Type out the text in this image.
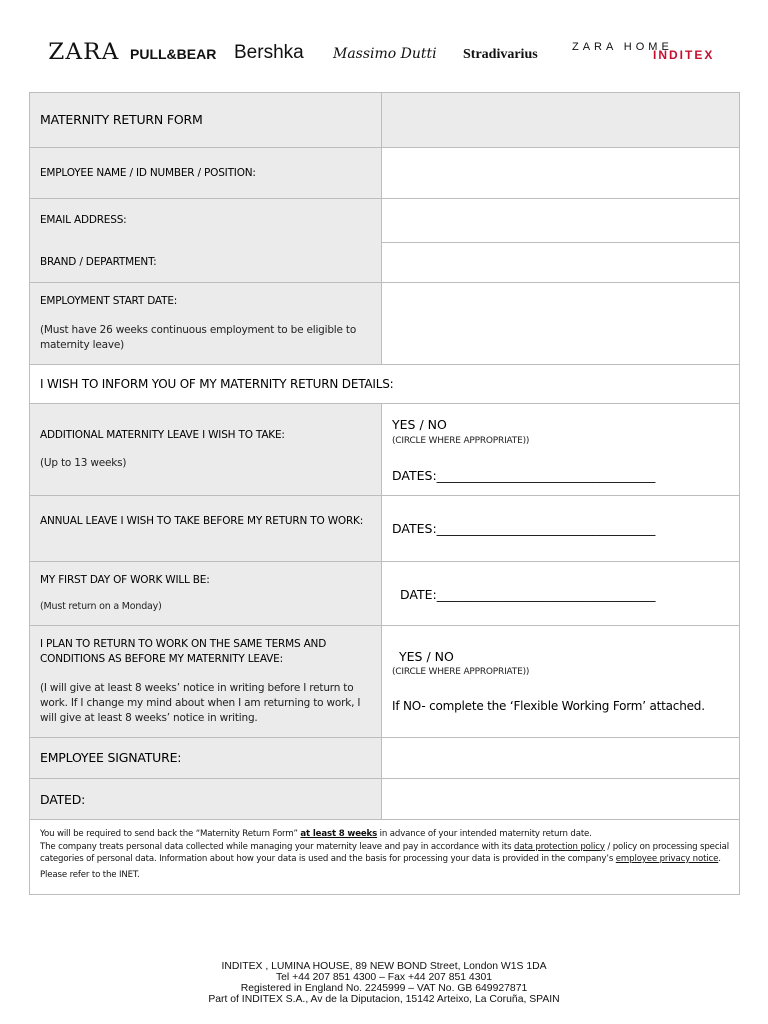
ZARA PULL&BEAR Bershka Massimo Dutti Stradivarius	ZARA HOME
INDITEX
MATERNITY RETURN FORM
EMPLOYEE NAME / ID NUMBER / POSITION:
EMAIL ADDRESS:
BRAND / DEPARTMENT:
EMPLOYMENT START DATE:
(Must have 26 weeks continuous employment to be eligible to maternity leave)
I WISH TO INFORM YOU OF MY MATERNITY RETURN DETAILS:
ADDITIONAL MATERNITY LEAVE I WISH TO TAKE:
(Up to 13 weeks)
YES / NO
(CIRCLE WHERE APPROPRIATE))
DATES:___________________________________
ANNUAL LEAVE I WISH TO TAKE BEFORE MY RETURN TO WORK: DATES:___________________________________
MY FIRST DAY OF WORK WILL BE:
(Must return on a Monday)
DATE:___________________________________
I PLAN TO RETURN TO WORK ON THE SAME TERMS AND CONDITIONS AS BEFORE MY MATERNITY LEAVE:
(I will give at least 8 weeks’ notice in writing before I return to work. If I change my mind about when I am returning to work, I will give at least 8 weeks’ notice in writing.
YES / NO
(CIRCLE WHERE APPROPRIATE))
If NO- complete the ‘Flexible Working Form’ attached.
EMPLOYEE SIGNATURE:
DATED:
You will be required to send back the “Maternity Return Form” at least 8 weeks in advance of your intended maternity return date.
The company treats personal data collected while managing your maternity leave and pay in accordance with its data protection policy / policy on processing special categories of personal data. Information about how your data is used and the basis for processing your data is provided in the company’s employee privacy notice.
Please refer to the INET.
INDITEX , LUMINA HOUSE, 89 NEW BOND Street, London W1S 1DA
Tel +44 207 851 4300 – Fax +44 207 851 4301
Registered in England No. 2245999 – VAT No. GB 649927871
Part of INDITEX S.A., Av de la Diputacion, 15142 Arteixo, La Coruña, SPAIN
